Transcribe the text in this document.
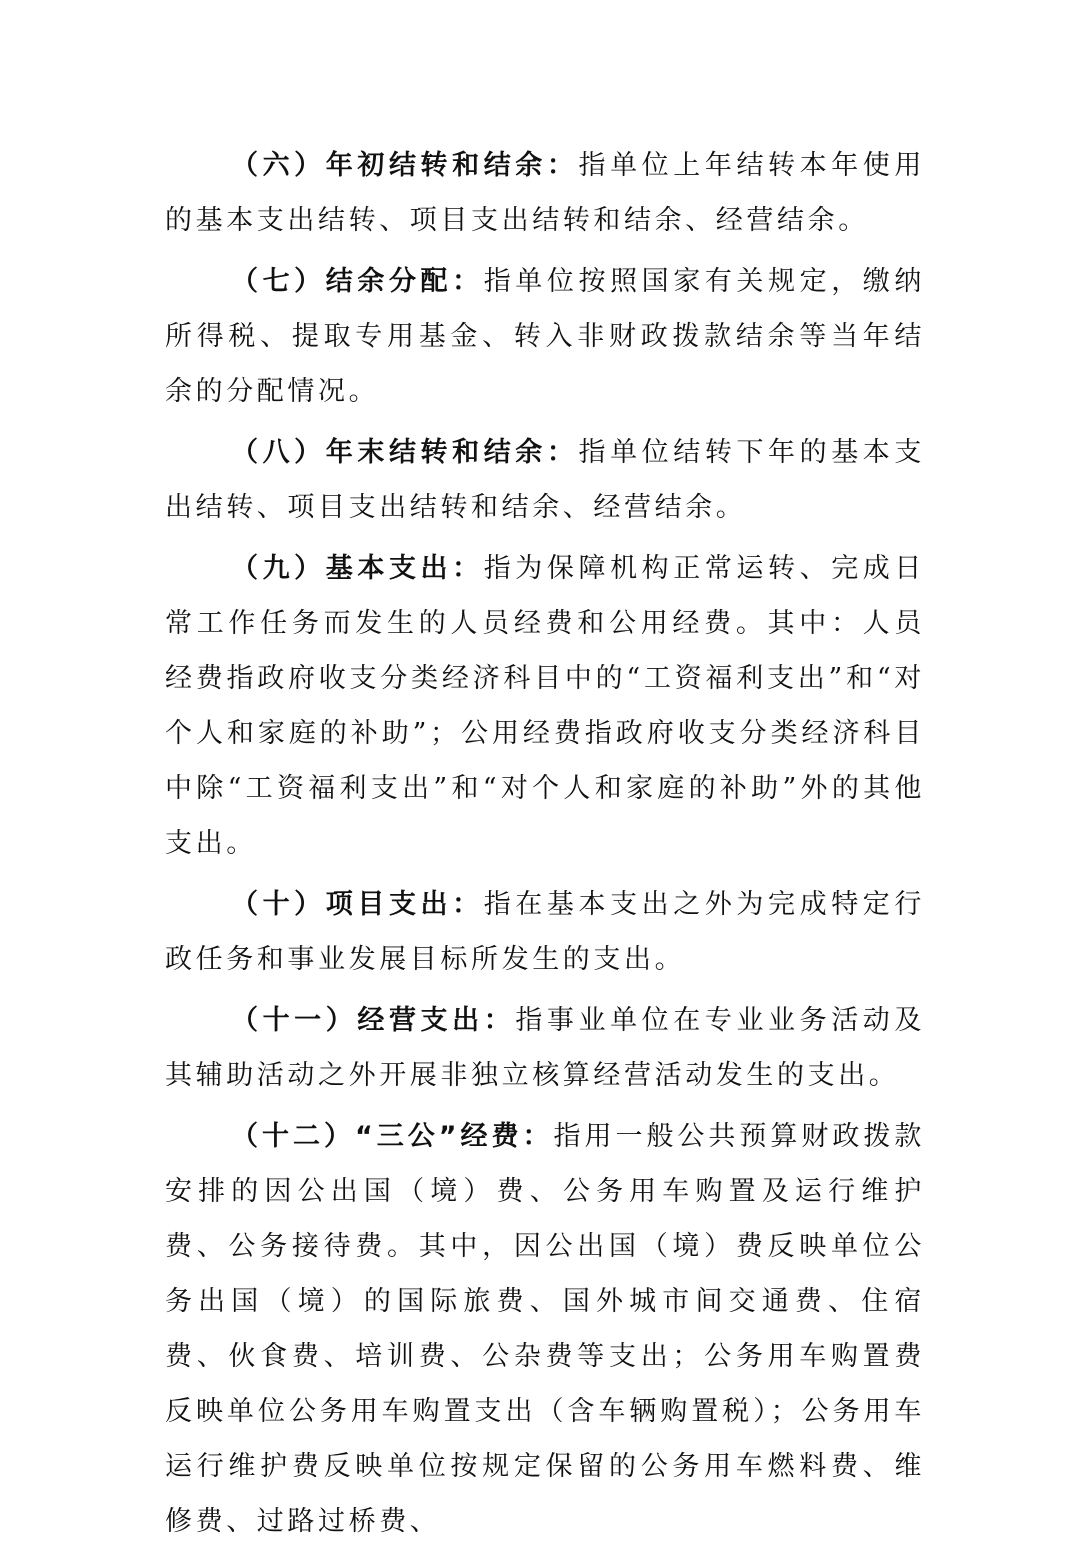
（六）年初结转和结余：指单位上年结转本年使用的基本支出结转、项目支出结转和结余、经营结余。

（七）结余分配：指单位按照国家有关规定，缴纳所得税、提取专用基金、转入非财政拨款结余等当年结余的分配情况。

（八）年末结转和结余：指单位结转下年的基本支出结转、项目支出结转和结余、经营结余。

（九）基本支出：指为保障机构正常运转、完成日常工作任务而发生的人员经费和公用经费。其中：人员经费指政府收支分类经济科目中的“工资福利支出”和“对个人和家庭的补助”；公用经费指政府收支分类经济科目中除“工资福利支出”和“对个人和家庭的补助”外的其他支出。

（十）项目支出：指在基本支出之外为完成特定行政任务和事业发展目标所发生的支出。

（十一）经营支出：指事业单位在专业业务活动及其辅助活动之外开展非独立核算经营活动发生的支出。

（十二）“三公”经费：指用一般公共预算财政拨款安排的因公出国（境）费、公务用车购置及运行维护费、公务接待费。其中，因公出国（境）费反映单位公务出国（境）的国际旅费、国外城市间交通费、住宿费、伙食费、培训费、公杂费等支出；公务用车购置费反映单位公务用车购置支出（含车辆购置税）；公务用车运行维护费反映单位按规定保留的公务用车燃料费、维修费、过路过桥费、
